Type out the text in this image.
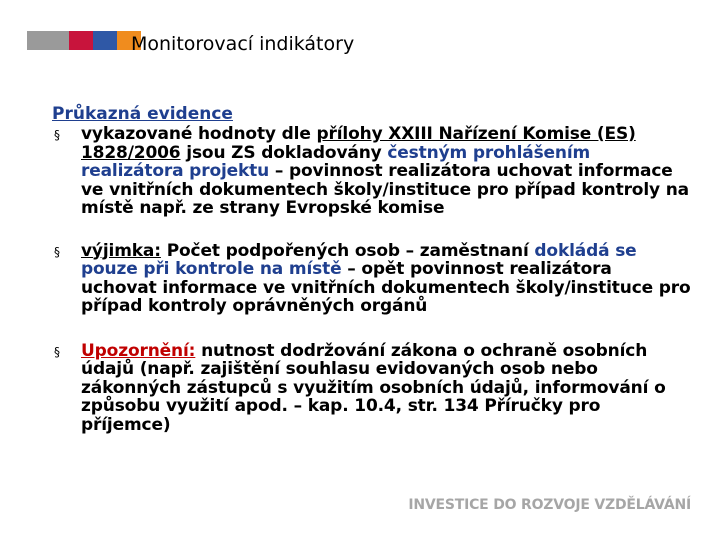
Monitorovací indikátory

Průkazná evidence

§ vykazované hodnoty dle přílohy XXIII Nařízení Komise (ES) 1828/2006 jsou ZS dokladovány čestným prohlášením realizátora projektu – povinnost realizátora uchovat informace ve vnitřních dokumentech školy/instituce pro případ kontroly na místě např. ze strany Evropské komise

§ výjimka: Počet podpořených osob – zaměstnaní dokládá se pouze při kontrole na místě – opět povinnost realizátora uchovat informace ve vnitřních dokumentech školy/instituce pro případ kontroly oprávněných orgánů

§ Upozornění: nutnost dodržování zákona o ochraně osobních údajů (např. zajištění souhlasu evidovaných osob nebo zákonných zástupců s využitím osobních údajů, informování o způsobu využití apod. – kap. 10.4, str. 134 Příručky pro příjemce)

INVESTICE DO ROZVOJE VZDĚLÁVÁNÍ
